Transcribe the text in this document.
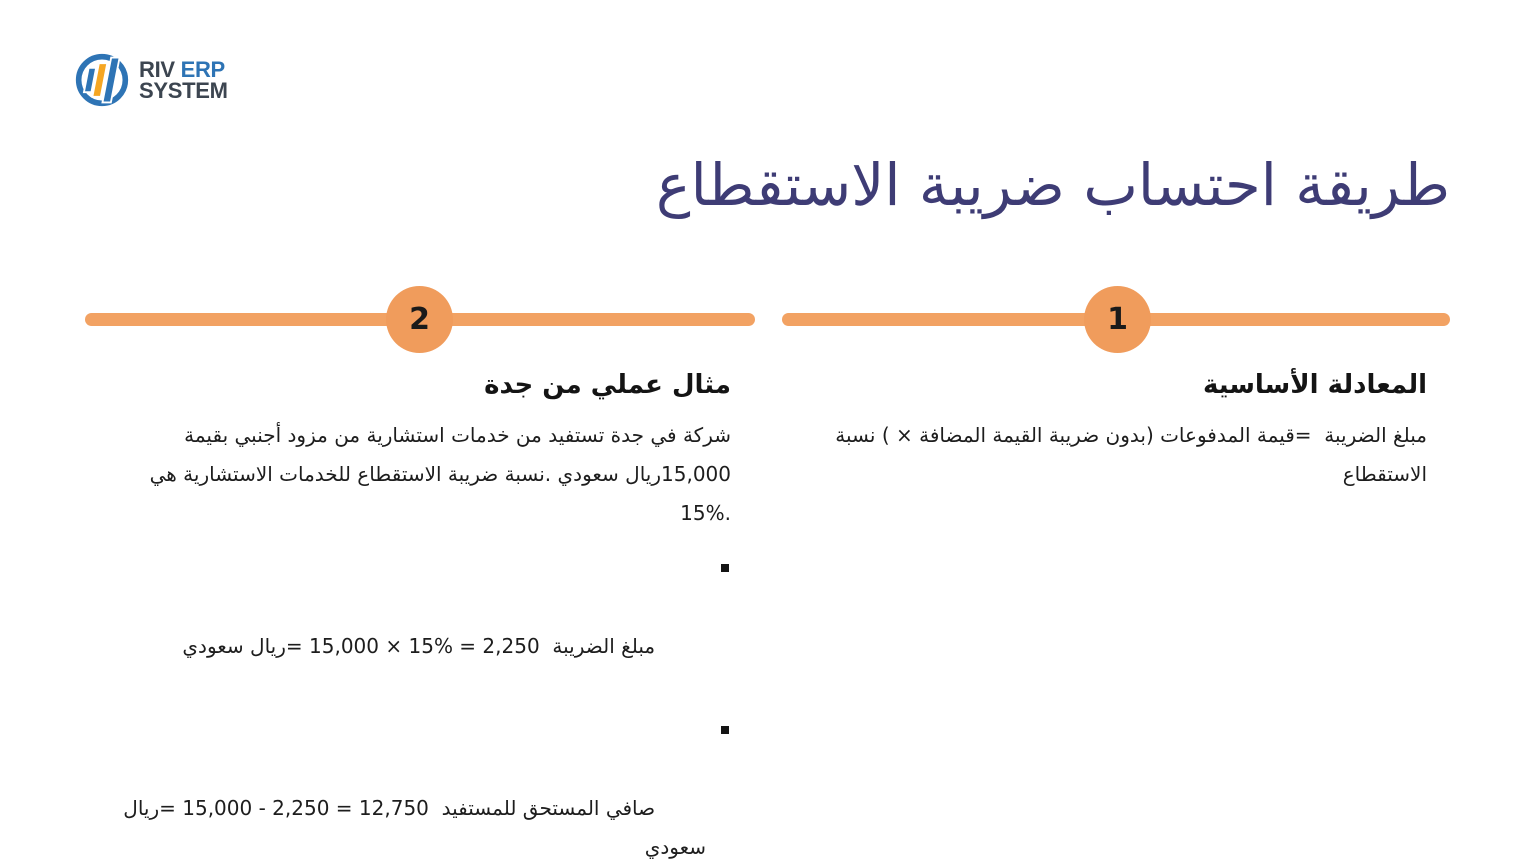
RIV ERP
SYSTEM
طريقة احتساب ضريبة الاستقطاع
1
المعادلة الأساسية

مبلغ الضريبة  =قيمة المدفوعات (بدون ضريبة القيمة المضافة × ) نسبة الاستقطاع

2
مثال عملي من جدة

شركة في جدة تستفيد من خدمات استشارية من مزود أجنبي بقيمة 15,000ريال سعودي .نسبة ضريبة الاستقطاع للخدمات الاستشارية هي .%15

مبلغ الضريبة  2,250 = %15 × 15,000 =ريال سعودي

صافي المستحق للمستفيد  12,750 = 2,250 - 15,000 =ريال سعودي
